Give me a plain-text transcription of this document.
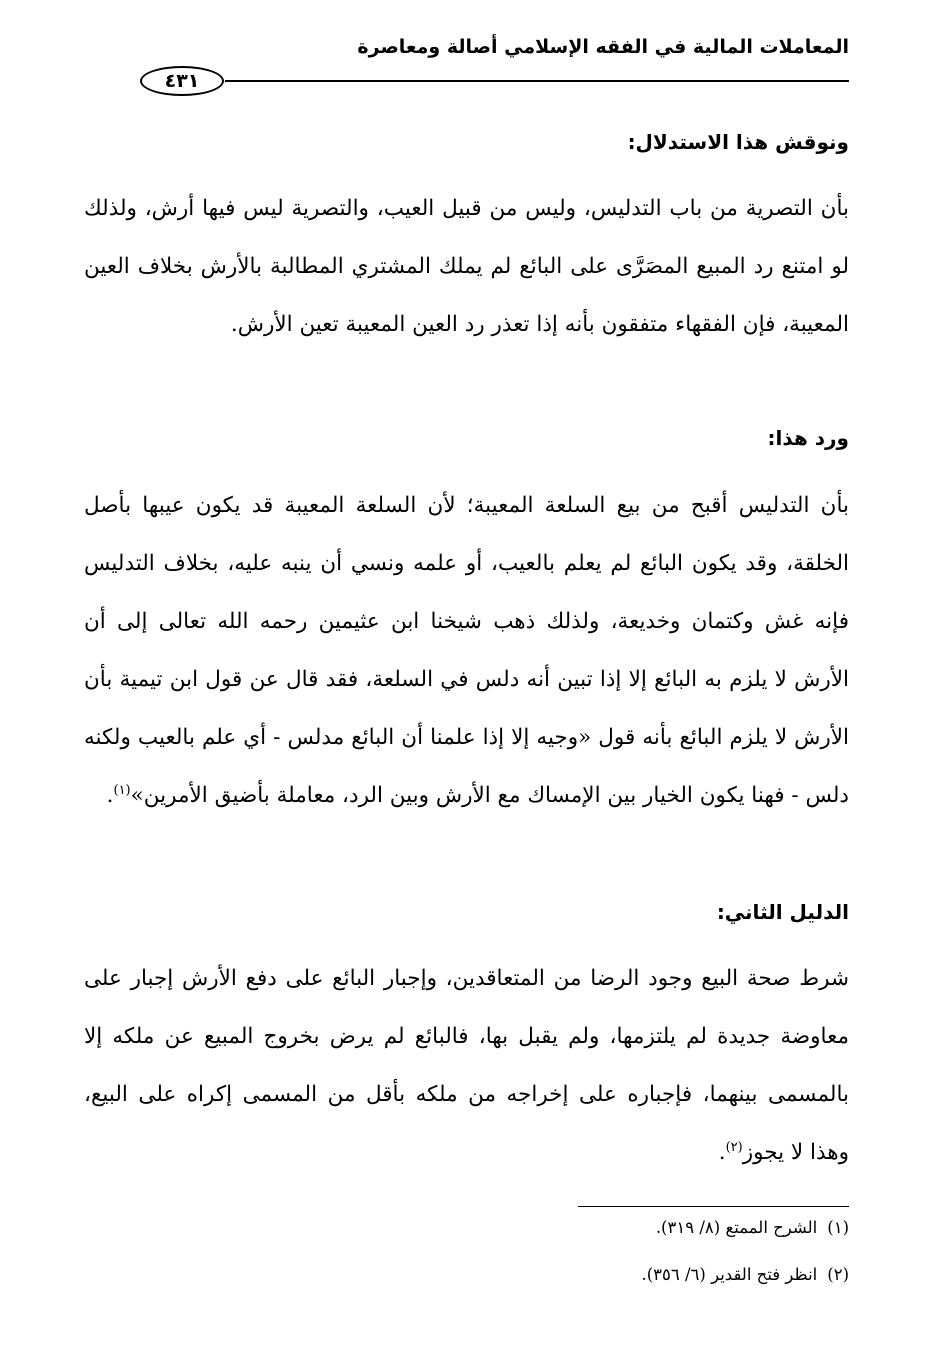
المعاملات المالية في الفقه الإسلامي أصالة ومعاصرة
٤٣١
ونوقش هذا الاستدلال:
بأن التصرية من باب التدليس، وليس من قبيل العيب، والتصرية ليس فيها أرش، ولذلك لو امتنع رد المبيع المصَرَّى على البائع لم يملك المشتري المطالبة بالأرش بخلاف العين المعيبة، فإن الفقهاء متفقون بأنه إذا تعذر رد العين المعيبة تعين الأرش.
ورد هذا:
بأن التدليس أقبح من بيع السلعة المعيبة؛ لأن السلعة المعيبة قد يكون عيبها بأصل الخلقة، وقد يكون البائع لم يعلم بالعيب، أو علمه ونسي أن ينبه عليه، بخلاف التدليس فإنه غش وكتمان وخديعة، ولذلك ذهب شيخنا ابن عثيمين رحمه الله تعالى إلى أن الأرش لا يلزم به البائع إلا إذا تبين أنه دلس في السلعة، فقد قال عن قول ابن تيمية بأن الأرش لا يلزم البائع بأنه قول «وجيه إلا إذا علمنا أن البائع مدلس - أي علم بالعيب ولكنه دلس - فهنا يكون الخيار بين الإمساك مع الأرش وبين الرد، معاملة بأضيق الأمرين»$^{(١)}$.
الدليل الثاني:
شرط صحة البيع وجود الرضا من المتعاقدين، وإجبار البائع على دفع الأرش إجبار على معاوضة جديدة لم يلتزمها، ولم يقبل بها، فالبائع لم يرض بخروج المبيع عن ملكه إلا بالمسمى بينهما، فإجباره على إخراجه من ملكه بأقل من المسمى إكراه على البيع، وهذا لا يجوز$^{(٢)}$.
(١)الشرح الممتع (٨/ ٣١٩).
(٢)انظر فتح القدير (٦/ ٣٥٦).
